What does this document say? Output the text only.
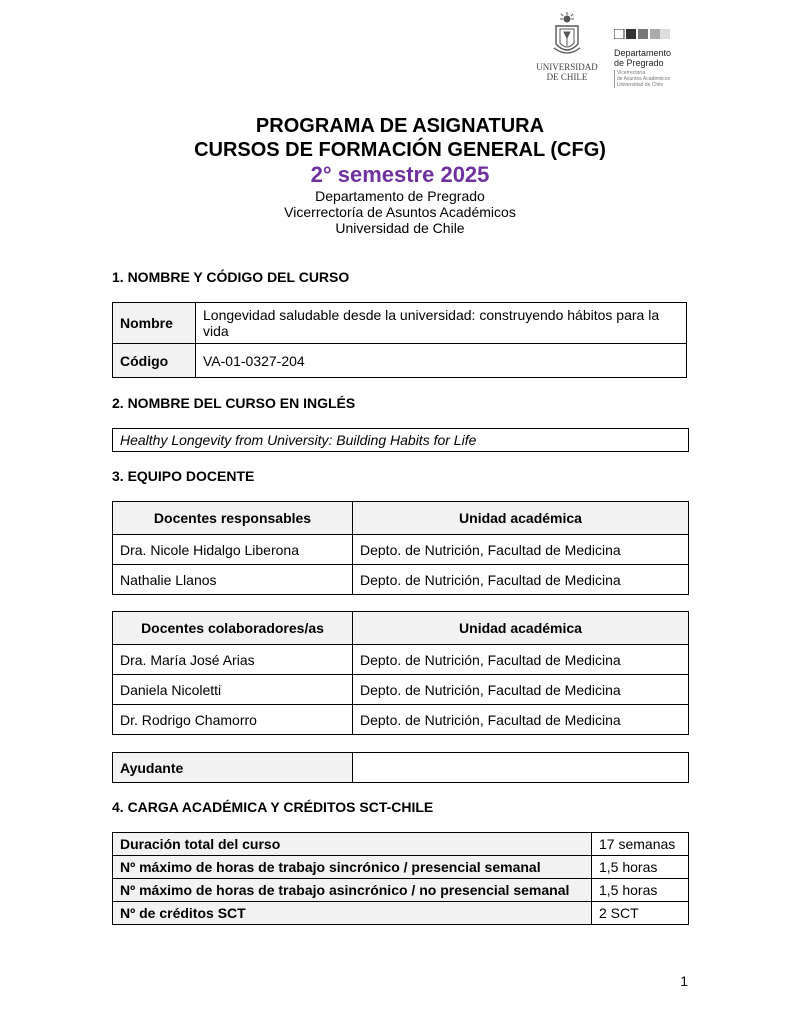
UNIVERSIDAD
DE CHILE
Departamento
de Pregrado
Vicerrectoría
de Asuntos Académicos
Universidad de Chile
PROGRAMA DE ASIGNATURA
CURSOS DE FORMACIÓN GENERAL (CFG)
2° semestre 2025
Departamento de Pregrado
Vicerrectoría de Asuntos Académicos
Universidad de Chile
1. NOMBRE Y CÓDIGO DEL CURSO
Nombre	Longevidad saludable desde la universidad: construyendo hábitos para la vida
Código	VA-01-0327-204
2. NOMBRE DEL CURSO EN INGLÉS
Healthy Longevity from University: Building Habits for Life
3. EQUIPO DOCENTE
Docentes responsables	Unidad académica
Dra. Nicole Hidalgo Liberona	Depto. de Nutrición, Facultad de Medicina
Nathalie Llanos	Depto. de Nutrición, Facultad de Medicina
Docentes colaboradores/as	Unidad académica
Dra. María José Arias	Depto. de Nutrición, Facultad de Medicina
Daniela Nicoletti	Depto. de Nutrición, Facultad de Medicina
Dr. Rodrigo Chamorro	Depto. de Nutrición, Facultad de Medicina
Ayudante	
4. CARGA ACADÉMICA Y CRÉDITOS SCT-CHILE
Duración total del curso	17 semanas
Nº máximo de horas de trabajo sincrónico / presencial semanal	1,5 horas
Nº máximo de horas de trabajo asincrónico / no presencial semanal	1,5 horas
Nº de créditos SCT	2 SCT
1
